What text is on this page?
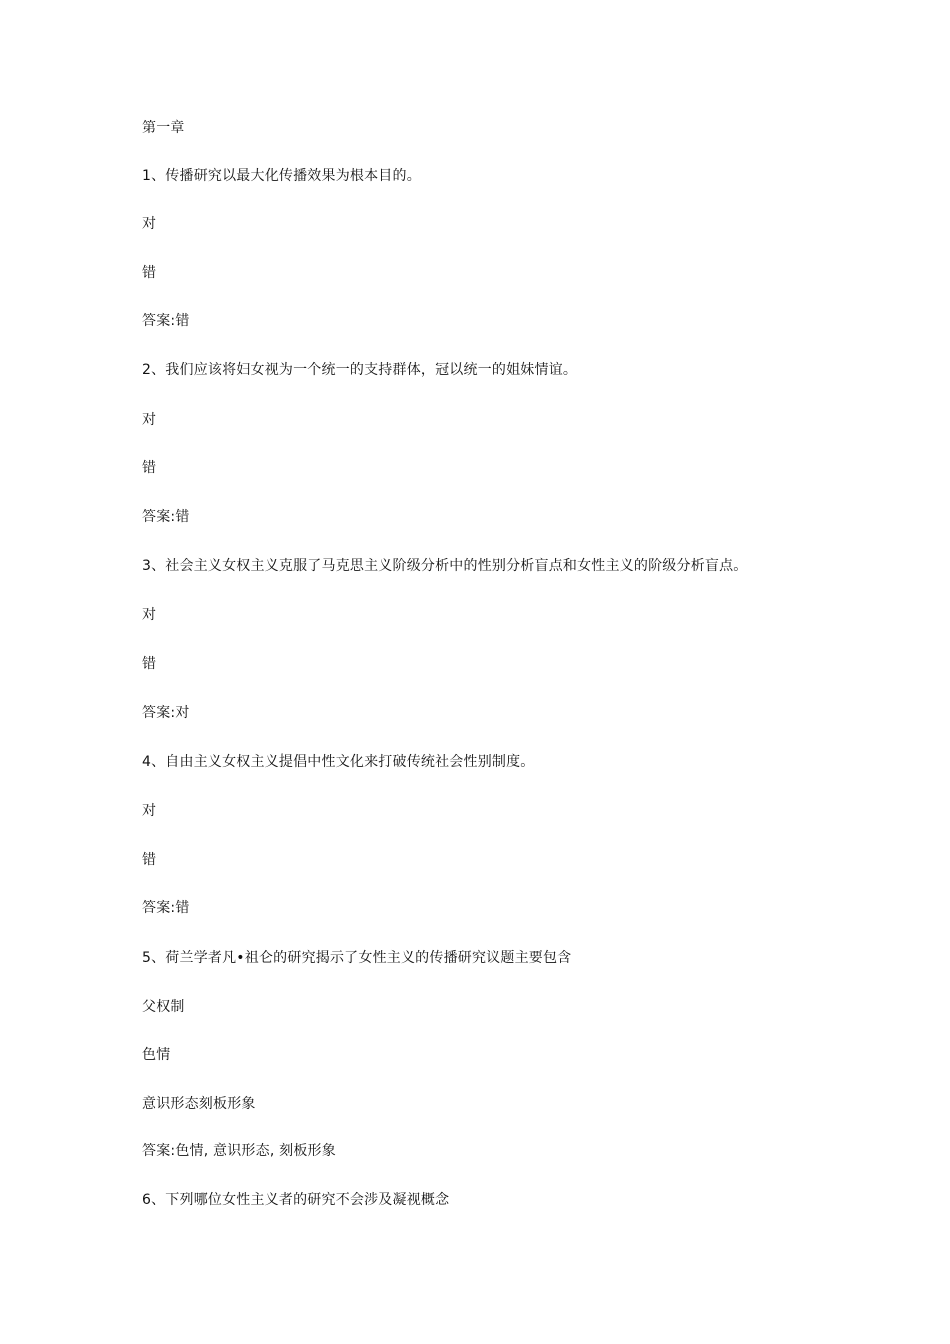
第一章
1、传播研究以最大化传播效果为根本目的。
对
错
答案:错
2、我们应该将妇女视为一个统一的支持群体，冠以统一的姐妹情谊。
对
错
答案:错
3、社会主义女权主义克服了马克思主义阶级分析中的性别分析盲点和女性主义的阶级分析盲点。
对
错
答案:对
4、自由主义女权主义提倡中性文化来打破传统社会性别制度。
对
错
答案:错
5、荷兰学者凡•祖仑的研究揭示了女性主义的传播研究议题主要包含
父权制
色情
意识形态刻板形象
答案:色情, 意识形态, 刻板形象
6、下列哪位女性主义者的研究不会涉及凝视概念
